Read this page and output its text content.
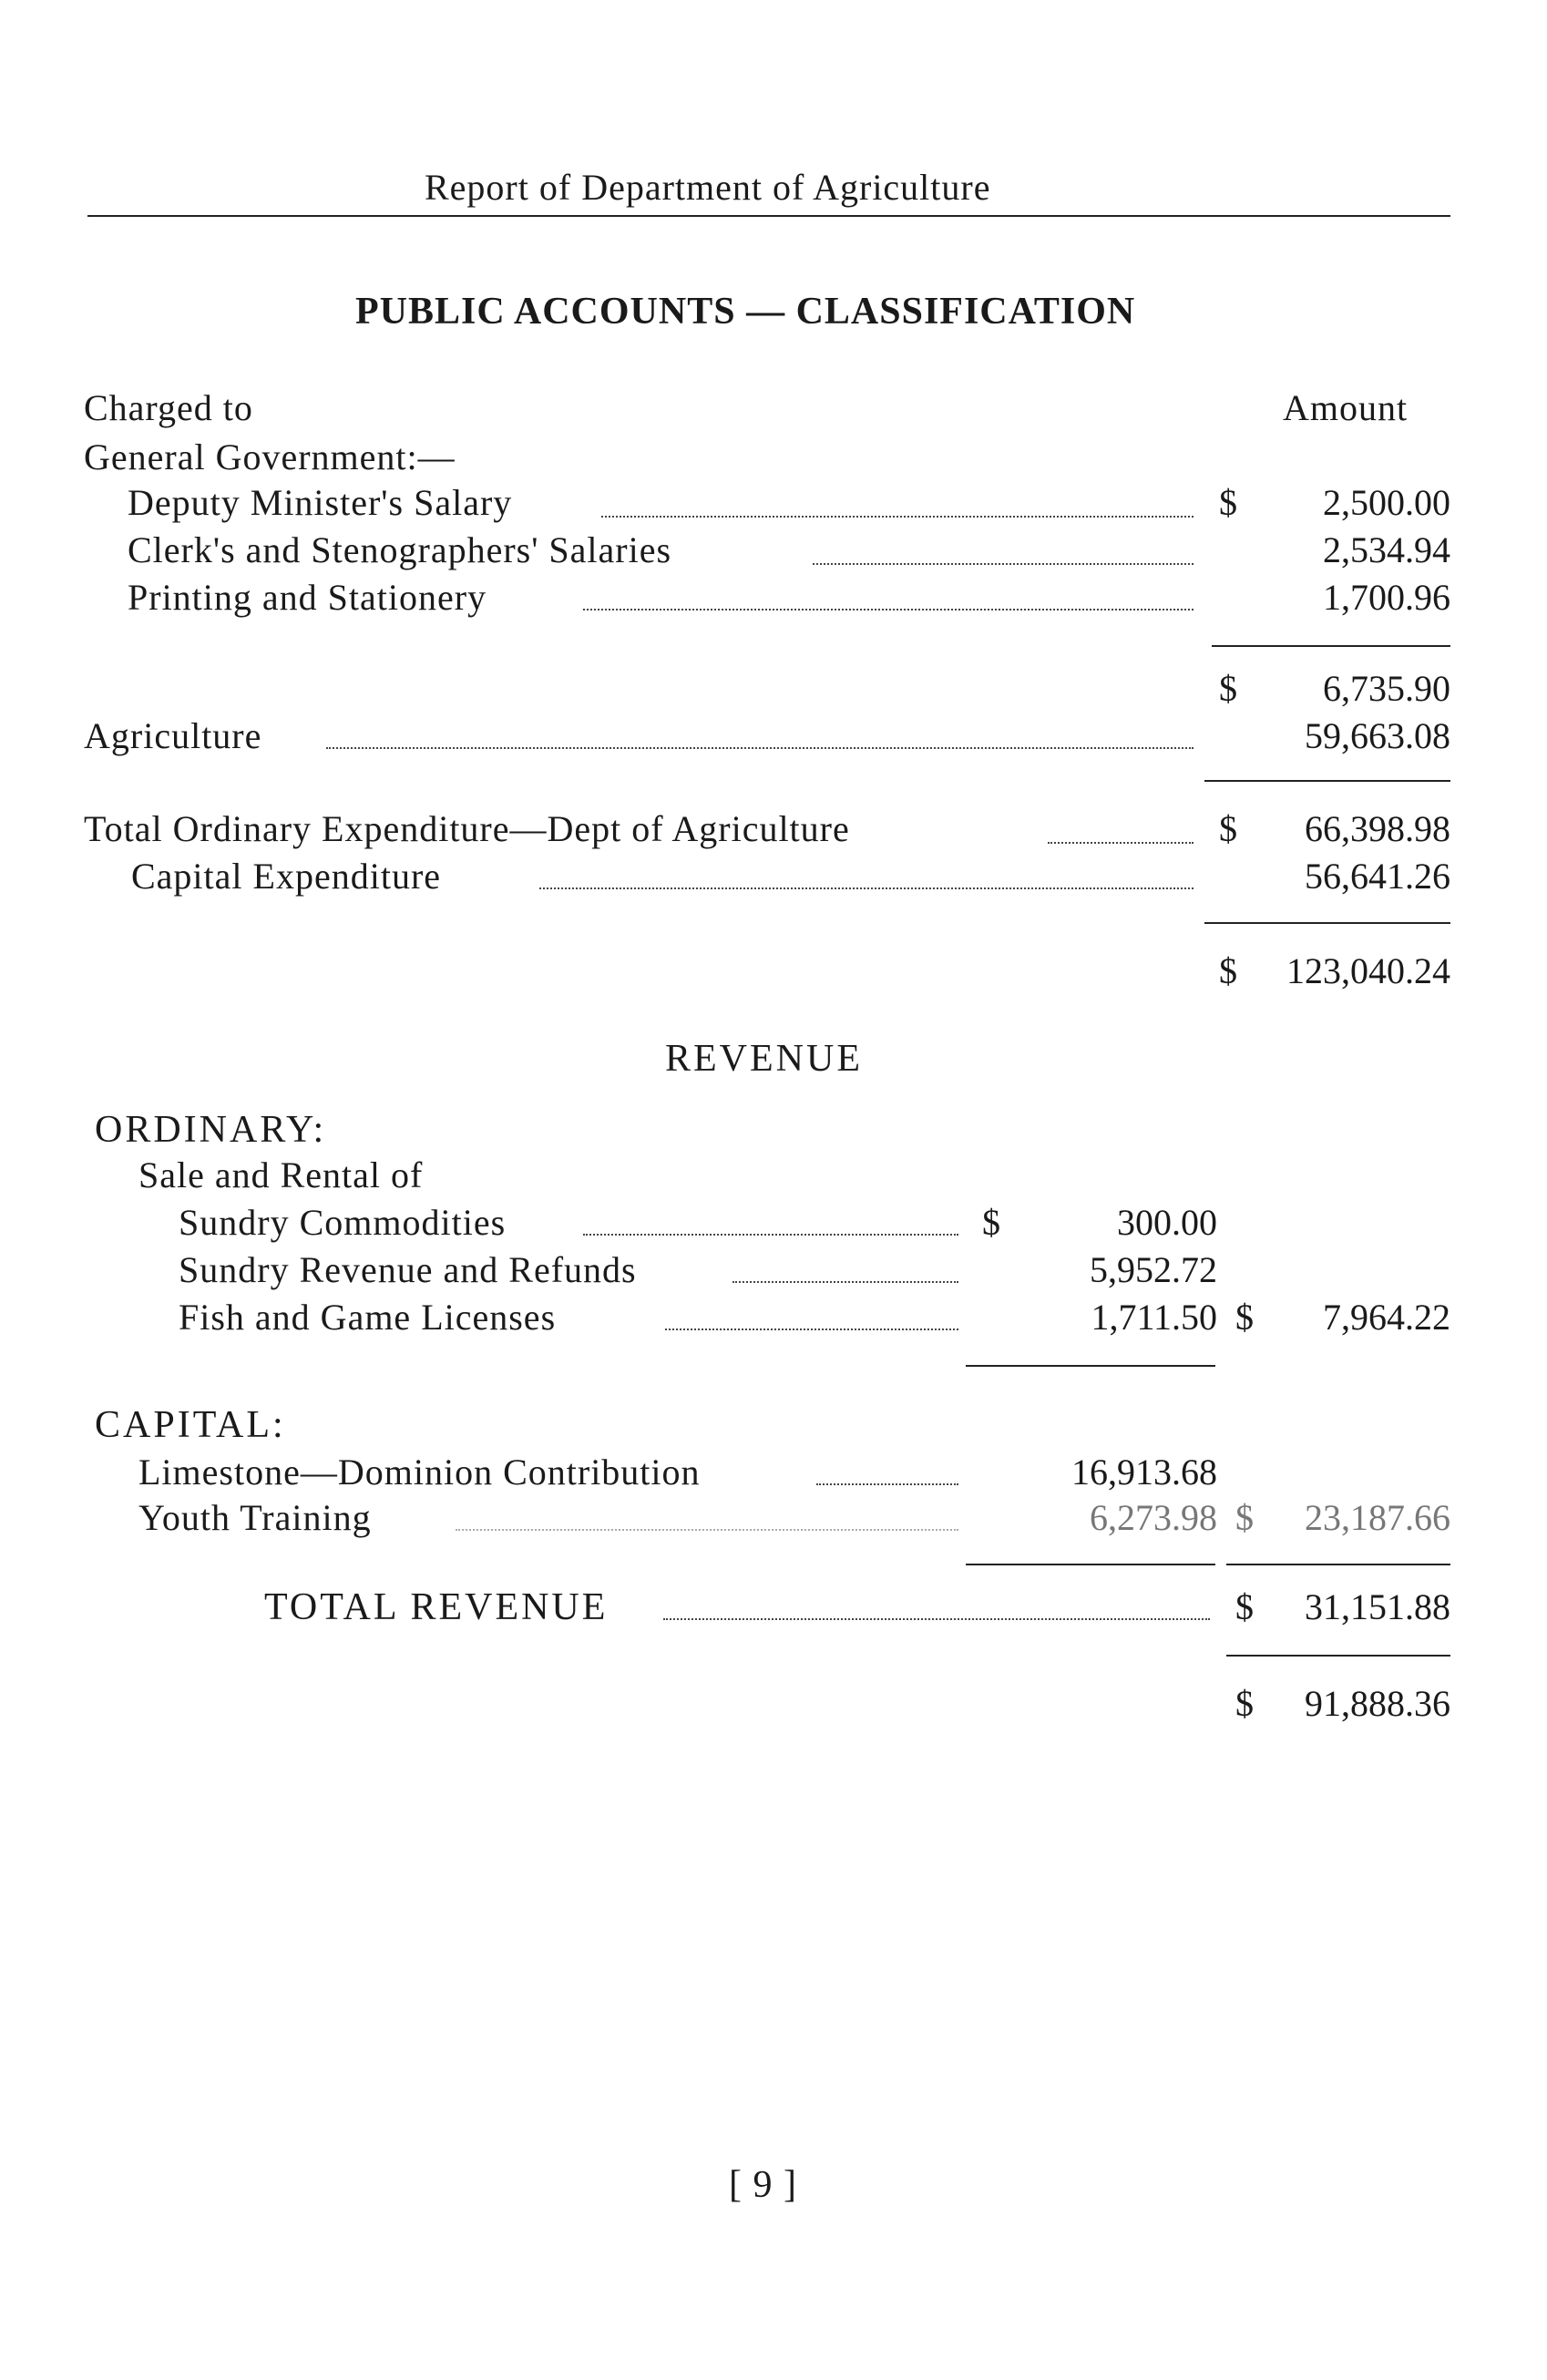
Report of Department of Agriculture
PUBLIC ACCOUNTS — CLASSIFICATION
Charged to	Amount
General Government:—
Deputy Minister's Salary	$ 2,500.00
Clerk's and Stenographers' Salaries	2,534.94
Printing and Stationery	1,700.96
$ 6,735.90
Agriculture	59,663.08
Total Ordinary Expenditure—Dept of Agriculture	$ 66,398.98
Capital Expenditure	56,641.26
$ 123,040.24
REVENUE
ORDINARY:
Sale and Rental of
Sundry Commodities	$	300.00
Sundry Revenue and Refunds	5,952.72
Fish and Game Licenses	1,711.50 $ 7,964.22
CAPITAL:
Limestone—Dominion Contribution	16,913.68
Youth Training	6,273.98 $ 23,187.66
TOTAL REVENUE	$ 31,151.88
$ 91,888.36
[ 9 ]
